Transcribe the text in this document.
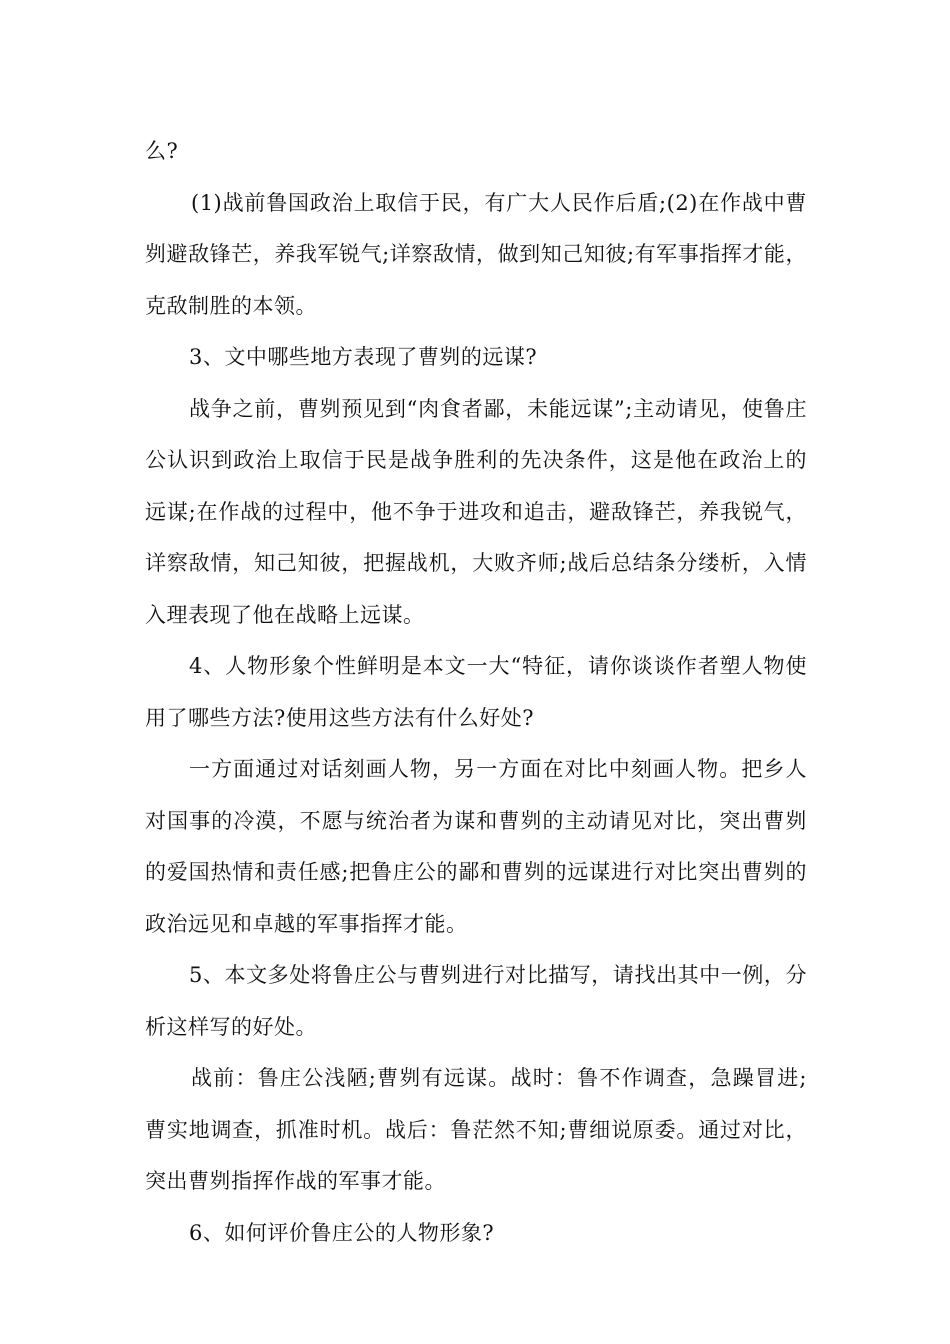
么?

(1)战前鲁国政治上取信于民，有广大人民作后盾;(2)在作战中曹刿避敌锋芒，养我军锐气;详察敌情，做到知己知彼;有军事指挥才能，克敌制胜的本领。

3、文中哪些地方表现了曹刿的远谋?

战争之前，曹刿预见到“肉食者鄙，未能远谋”;主动请见，使鲁庄公认识到政治上取信于民是战争胜利的先决条件，这是他在政治上的远谋;在作战的过程中，他不争于进攻和追击，避敌锋芒，养我锐气，详察敌情，知己知彼，把握战机，大败齐师;战后总结条分缕析，入情入理表现了他在战略上远谋。

4、人物形象个性鲜明是本文一大“特征，请你谈谈作者塑人物使用了哪些方法?使用这些方法有什么好处?

一方面通过对话刻画人物，另一方面在对比中刻画人物。把乡人对国事的冷漠，不愿与统治者为谋和曹刿的主动请见对比，突出曹刿的爱国热情和责任感;把鲁庄公的鄙和曹刿的远谋进行对比突出曹刿的政治远见和卓越的军事指挥才能。

5、本文多处将鲁庄公与曹刿进行对比描写，请找出其中一例，分析这样写的好处。

战前：鲁庄公浅陋;曹刿有远谋。战时：鲁不作调查，急躁冒进;曹实地调查，抓准时机。战后：鲁茫然不知;曹细说原委。通过对比，突出曹刿指挥作战的军事才能。

6、如何评价鲁庄公的人物形象?
